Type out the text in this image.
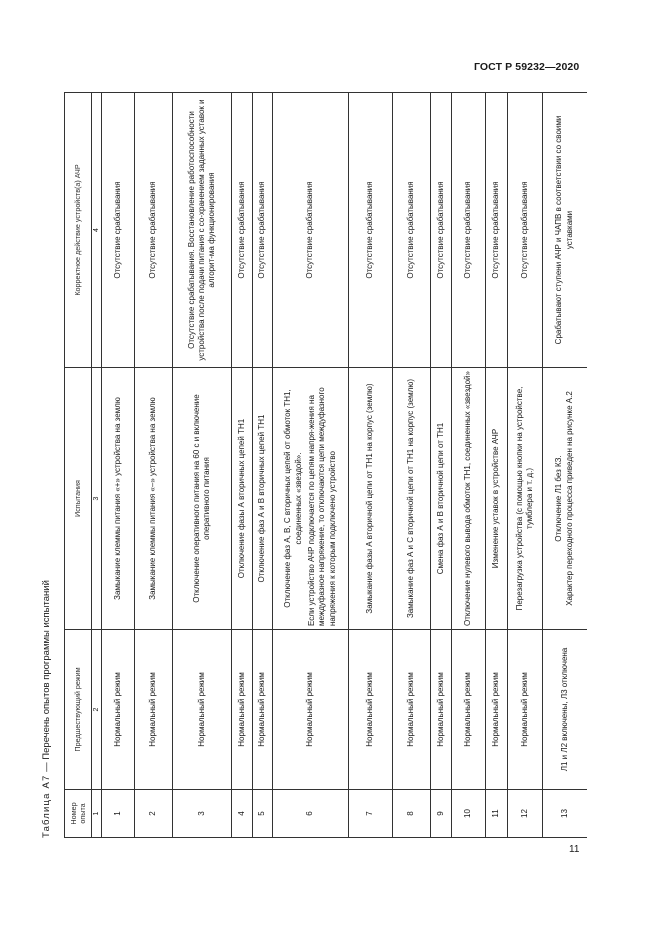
ГОСТ Р 59232—2020
Таблица А7 — Перечень опытов программы испытаний
Номер опыта	Предшествующий режим	Испытания	Корректное действие устройств(а) АЧР
1	2	3	4
1	Нормальный режим	Замыкание клеммы питания «+» устройства на землю	Отсутствие срабатывания
2	Нормальный режим	Замыкание клеммы питания «–» устройства на землю	Отсутствие срабатывания
3	Нормальный режим	Отключение оперативного питания на 60 с и включение оперативного питания	Отсутствие срабатывания. Восстановление работоспособности устройства после подачи питания с со-хранением заданных уставок и алгорит-ма функционирования
4	Нормальный режим	Отключение фазы А вторичных цепей ТН1	Отсутствие срабатывания
5	Нормальный режим	Отключение фаз А и В вторичных цепей ТН1	Отсутствие срабатывания
6	Нормальный режим	Отключение фаз А, В, С вторичных цепей от обмоток ТН1, соединенных «звездой». Если устройство АЧР подключается по цепям напря-жения на междуфазное напряжение, то отключаются цепи междуфазного напряжения к которым подключено устройство	Отсутствие срабатывания
7	Нормальный режим	Замыкание фазы А вторичной цепи от ТН1 на корпус (землю)	Отсутствие срабатывания
8	Нормальный режим	Замыкание фаз А и С вторичной цепи от ТН1 на корпус (землю)	Отсутствие срабатывания
9	Нормальный режим	Смена фаз А и В вторичной цепи от ТН1	Отсутствие срабатывания
10	Нормальный режим	Отключение нулевого вывода обмоток ТН1, соединенных «звездой»	Отсутствие срабатывания
11	Нормальный режим	Изменение уставок в устройстве АЧР	Отсутствие срабатывания
12	Нормальный режим	Перезагрузка устройства (с помощью кнопки на устройстве, тумблера и т. д.)	Отсутствие срабатывания
13	Л1 и Л2 включены, Л3 отключена	Отключение Л1 без КЗ. Характер переходного процесса приведен на рисунке А.2	Срабатывают ступени АЧР и ЧАПВ в соответствии со своими уставками
11
